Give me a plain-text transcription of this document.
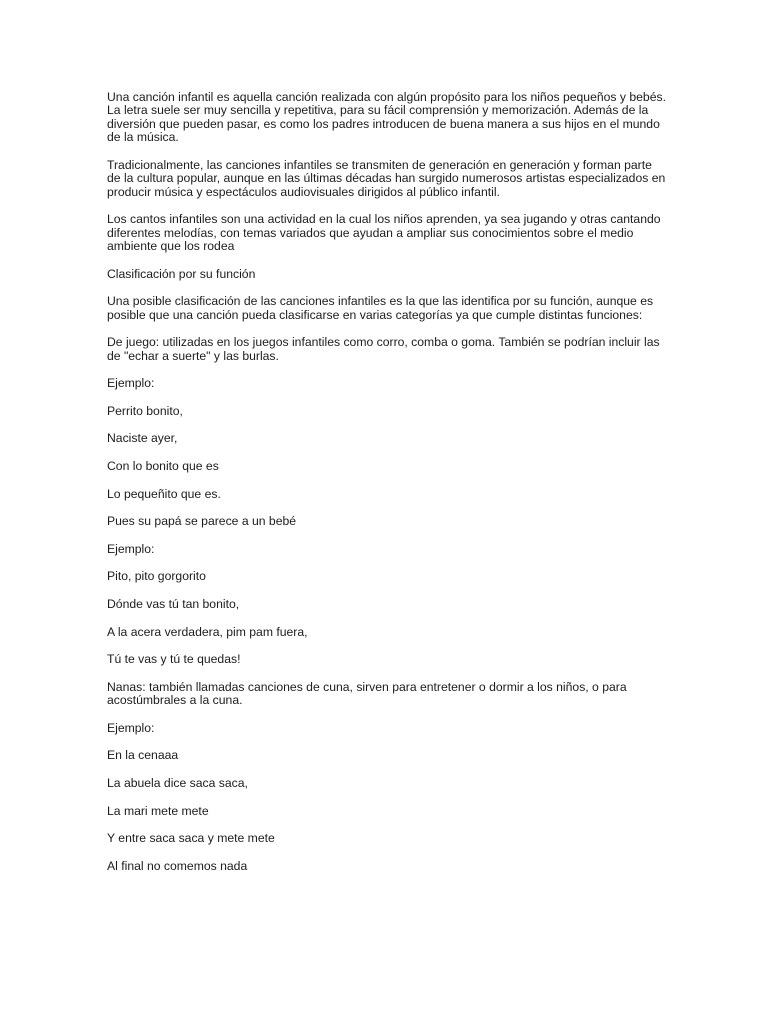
Una canción infantil es aquella canción realizada con algún propósito para los niños pequeños y bebés. La letra suele ser muy sencilla y repetitiva, para su fácil comprensión y memorización. Además de la diversión que pueden pasar, es como los padres introducen de buena manera a sus hijos en el mundo de la música.

Tradicionalmente, las canciones infantiles se transmiten de generación en generación y forman parte de la cultura popular, aunque en las últimas décadas han surgido numerosos artistas especializados en producir música y espectáculos audiovisuales dirigidos al público infantil.

Los cantos infantiles son una actividad en la cual los niños aprenden, ya sea jugando y otras cantando diferentes melodías, con temas variados que ayudan a ampliar sus conocimientos sobre el medio ambiente que los rodea

Clasificación por su función

Una posible clasificación de las canciones infantiles es la que las identifica por su función, aunque es posible que una canción pueda clasificarse en varias categorías ya que cumple distintas funciones:

De juego: utilizadas en los juegos infantiles como corro, comba o goma. También se podrían incluir las de "echar a suerte" y las burlas.

Ejemplo:

Perrito bonito,

Naciste ayer,

Con lo bonito que es

Lo pequeñito que es.

Pues su papá se parece a un bebé

Ejemplo:

Pito, pito gorgorito

Dónde vas tú tan bonito,

A la acera verdadera, pim pam fuera,

Tú te vas y tú te quedas!

Nanas: también llamadas canciones de cuna, sirven para entretener o dormir a los niños, o para acostúmbrales a la cuna.

Ejemplo:

En la cenaaa

La abuela dice saca saca,

La mari mete mete

Y entre saca saca y mete mete

Al final no comemos nada
